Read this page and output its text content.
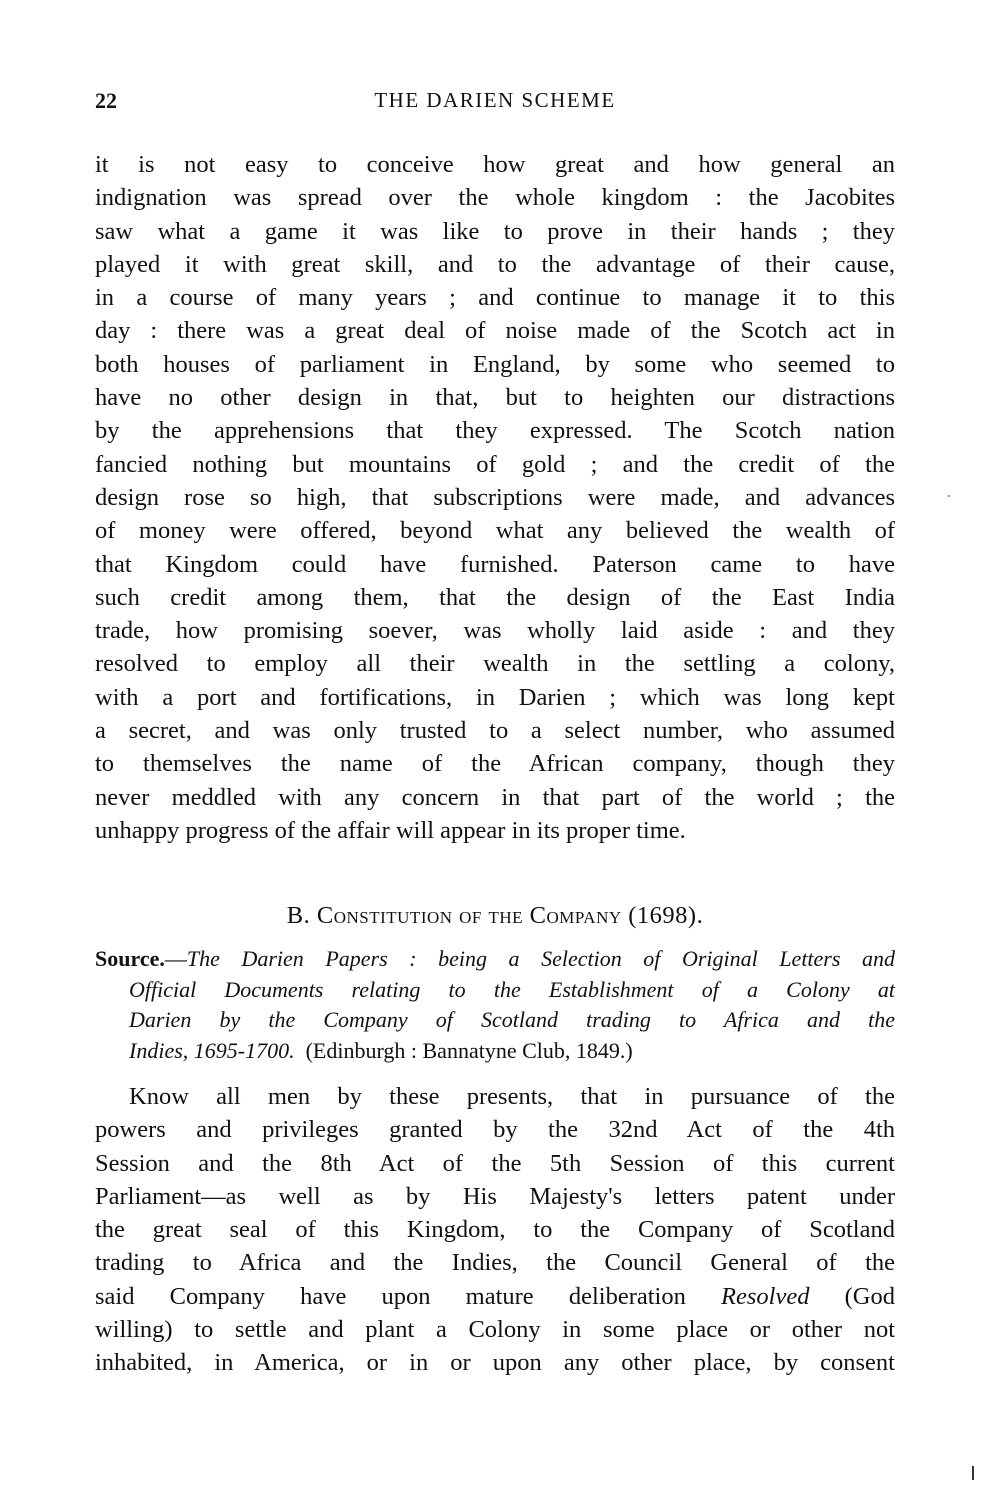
22	THE DARIEN SCHEME
it is not easy to conceive how great and how general an
indignation was spread over the whole kingdom : the Jacobites
saw what a game it was like to prove in their hands ; they
played it with great skill, and to the advantage of their cause,
in a course of many years ; and continue to manage it to this
day : there was a great deal of noise made of the Scotch act in
both houses of parliament in England, by some who seemed to
have no other design in that, but to heighten our distractions
by the apprehensions that they expressed. The Scotch nation
fancied nothing but mountains of gold ; and the credit of the
design rose so high, that subscriptions were made, and advances
of money were offered, beyond what any believed the wealth of
that Kingdom could have furnished. Paterson came to have
such credit among them, that the design of the East India
trade, how promising soever, was wholly laid aside : and they
resolved to employ all their wealth in the settling a colony,
with a port and fortifications, in Darien ; which was long kept
a secret, and was only trusted to a select number, who assumed
to themselves the name of the African company, though they
never meddled with any concern in that part of the world ; the
unhappy progress of the affair will appear in its proper time.
B. Constitution of the Company (1698).
Source.—The Darien Papers : being a Selection of Original Letters and
Official Documents relating to the Establishment of a Colony at
Darien by the Company of Scotland trading to Africa and the
Indies, 1695-1700. (Edinburgh : Bannatyne Club, 1849.)
Know all men by these presents, that in pursuance of the
powers and privileges granted by the 32nd Act of the 4th
Session and the 8th Act of the 5th Session of this current
Parliament—as well as by His Majesty's letters patent under
the great seal of this Kingdom, to the Company of Scotland
trading to Africa and the Indies, the Council General of the
said Company have upon mature deliberation Resolved (God
willing) to settle and plant a Colony in some place or other not
inhabited, in America, or in or upon any other place, by consent
